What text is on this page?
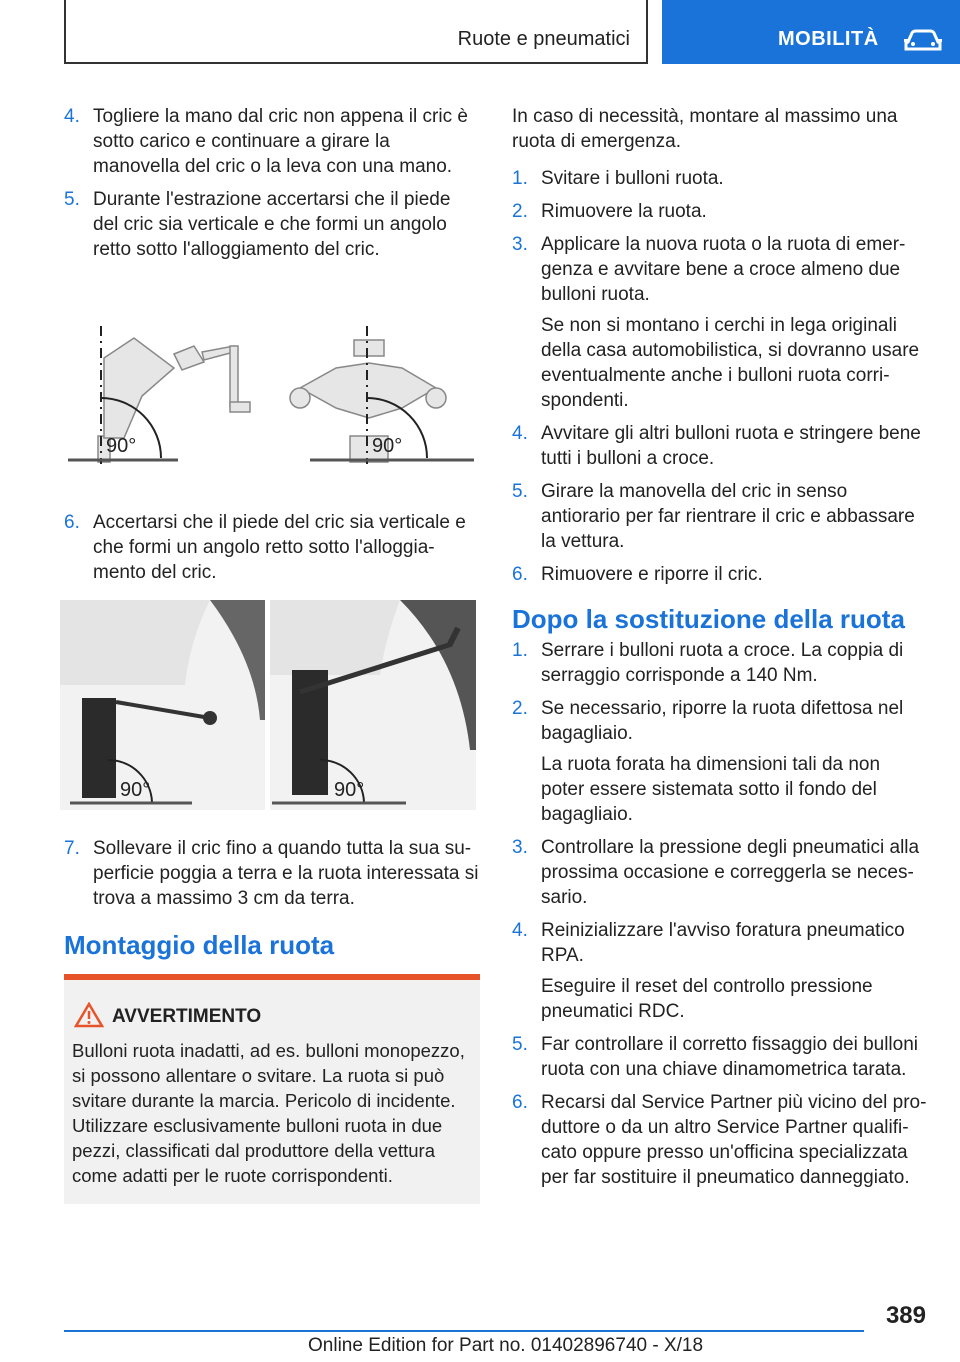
Ruote e pneumatici	MOBILITÀ
4. Togliere la mano dal cric non appena il cric è sotto carico e continuare a girare la manovella del cric o la leva con una mano.
5. Durante l'estrazione accertarsi che il piede del cric sia verticale e che formi un angolo retto sotto l'alloggiamento del cric.
90°	90°
6. Accertarsi che il piede del cric sia verticale e che formi un angolo retto sotto l'alloggia-mento del cric.
90°	90°
7. Sollevare il cric fino a quando tutta la sua su-perficie poggia a terra e la ruota interessata si trova a massimo 3 cm da terra.
Montaggio della ruota
AVVERTIMENTO
Bulloni ruota inadatti, ad es. bulloni monopezzo, si possono allentare o svitare. La ruota si può svitare durante la marcia. Pericolo di incidente. Utilizzare esclusivamente bulloni ruota in due pezzi, classificati dal produttore della vettura come adatti per le ruote corrispondenti.

In caso di necessità, montare al massimo una ruota di emergenza.

1. Svitare i bulloni ruota.
2. Rimuovere la ruota.
3. Applicare la nuova ruota o la ruota di emer-genza e avvitare bene a croce almeno due bulloni ruota.
Se non si montano i cerchi in lega originali della casa automobilistica, si dovranno usare eventualmente anche i bulloni ruota corri-spondenti.
4. Avvitare gli altri bulloni ruota e stringere bene tutti i bulloni a croce.
5. Girare la manovella del cric in senso antiorario per far rientrare il cric e abbassare la vettura.
6. Rimuovere e riporre il cric.
Dopo la sostituzione della ruota
1. Serrare i bulloni ruota a croce. La coppia di serraggio corrisponde a 140 Nm.
2. Se necessario, riporre la ruota difettosa nel bagagliaio.
La ruota forata ha dimensioni tali da non poter essere sistemata sotto il fondo del bagagliaio.
3. Controllare la pressione degli pneumatici alla prossima occasione e correggerla se neces-sario.
4. Reinizializzare l'avviso foratura pneumatico RPA.
Eseguire il reset del controllo pressione pneumatici RDC.
5. Far controllare il corretto fissaggio dei bulloni ruota con una chiave dinamometrica tarata.
6. Recarsi dal Service Partner più vicino del pro-duttore o da un altro Service Partner qualifi-cato oppure presso un'officina specializzata per far sostituire il pneumatico danneggiato.
389
Online Edition for Part no. 01402896740 - X/18
